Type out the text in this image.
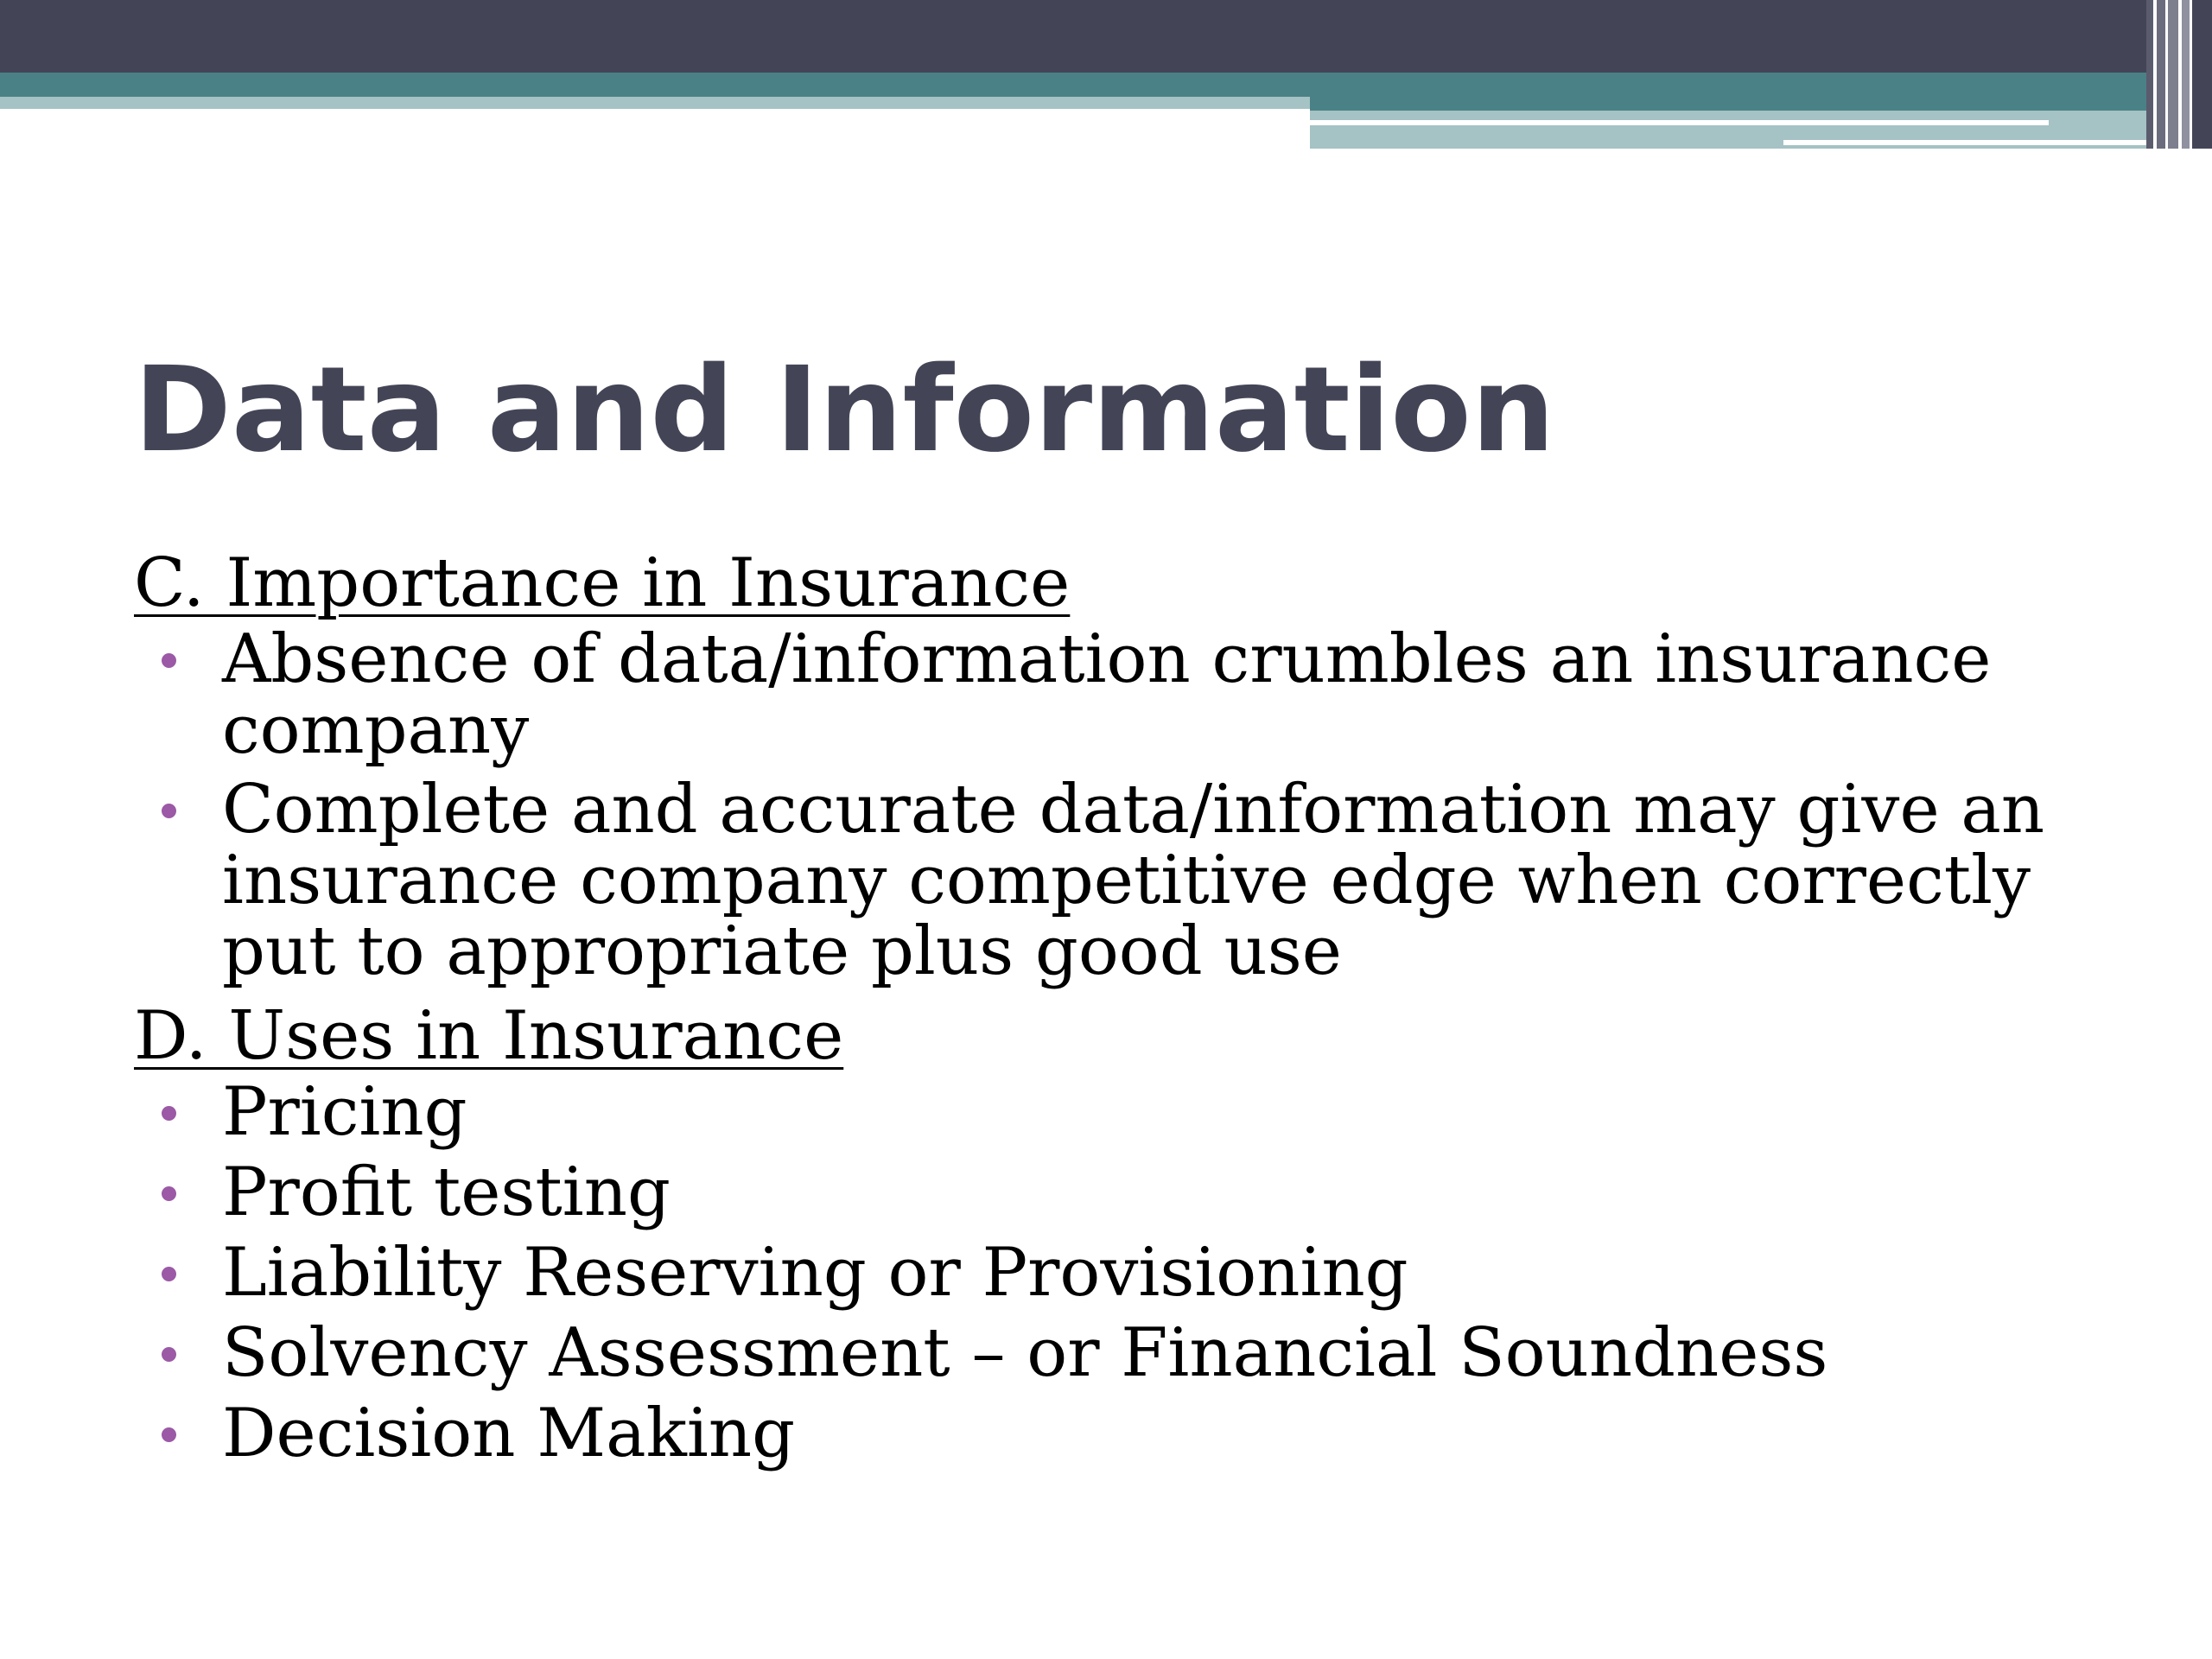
Data and Information

C. Importance in Insurance

Absence of data/information crumbles an insurance company
Complete and accurate data/information may give an insurance company competitive edge when correctly put to appropriate plus good use

D. Uses in Insurance

Pricing
Profit testing
Liability Reserving or Provisioning
Solvency Assessment – or Financial Soundness
Decision Making
